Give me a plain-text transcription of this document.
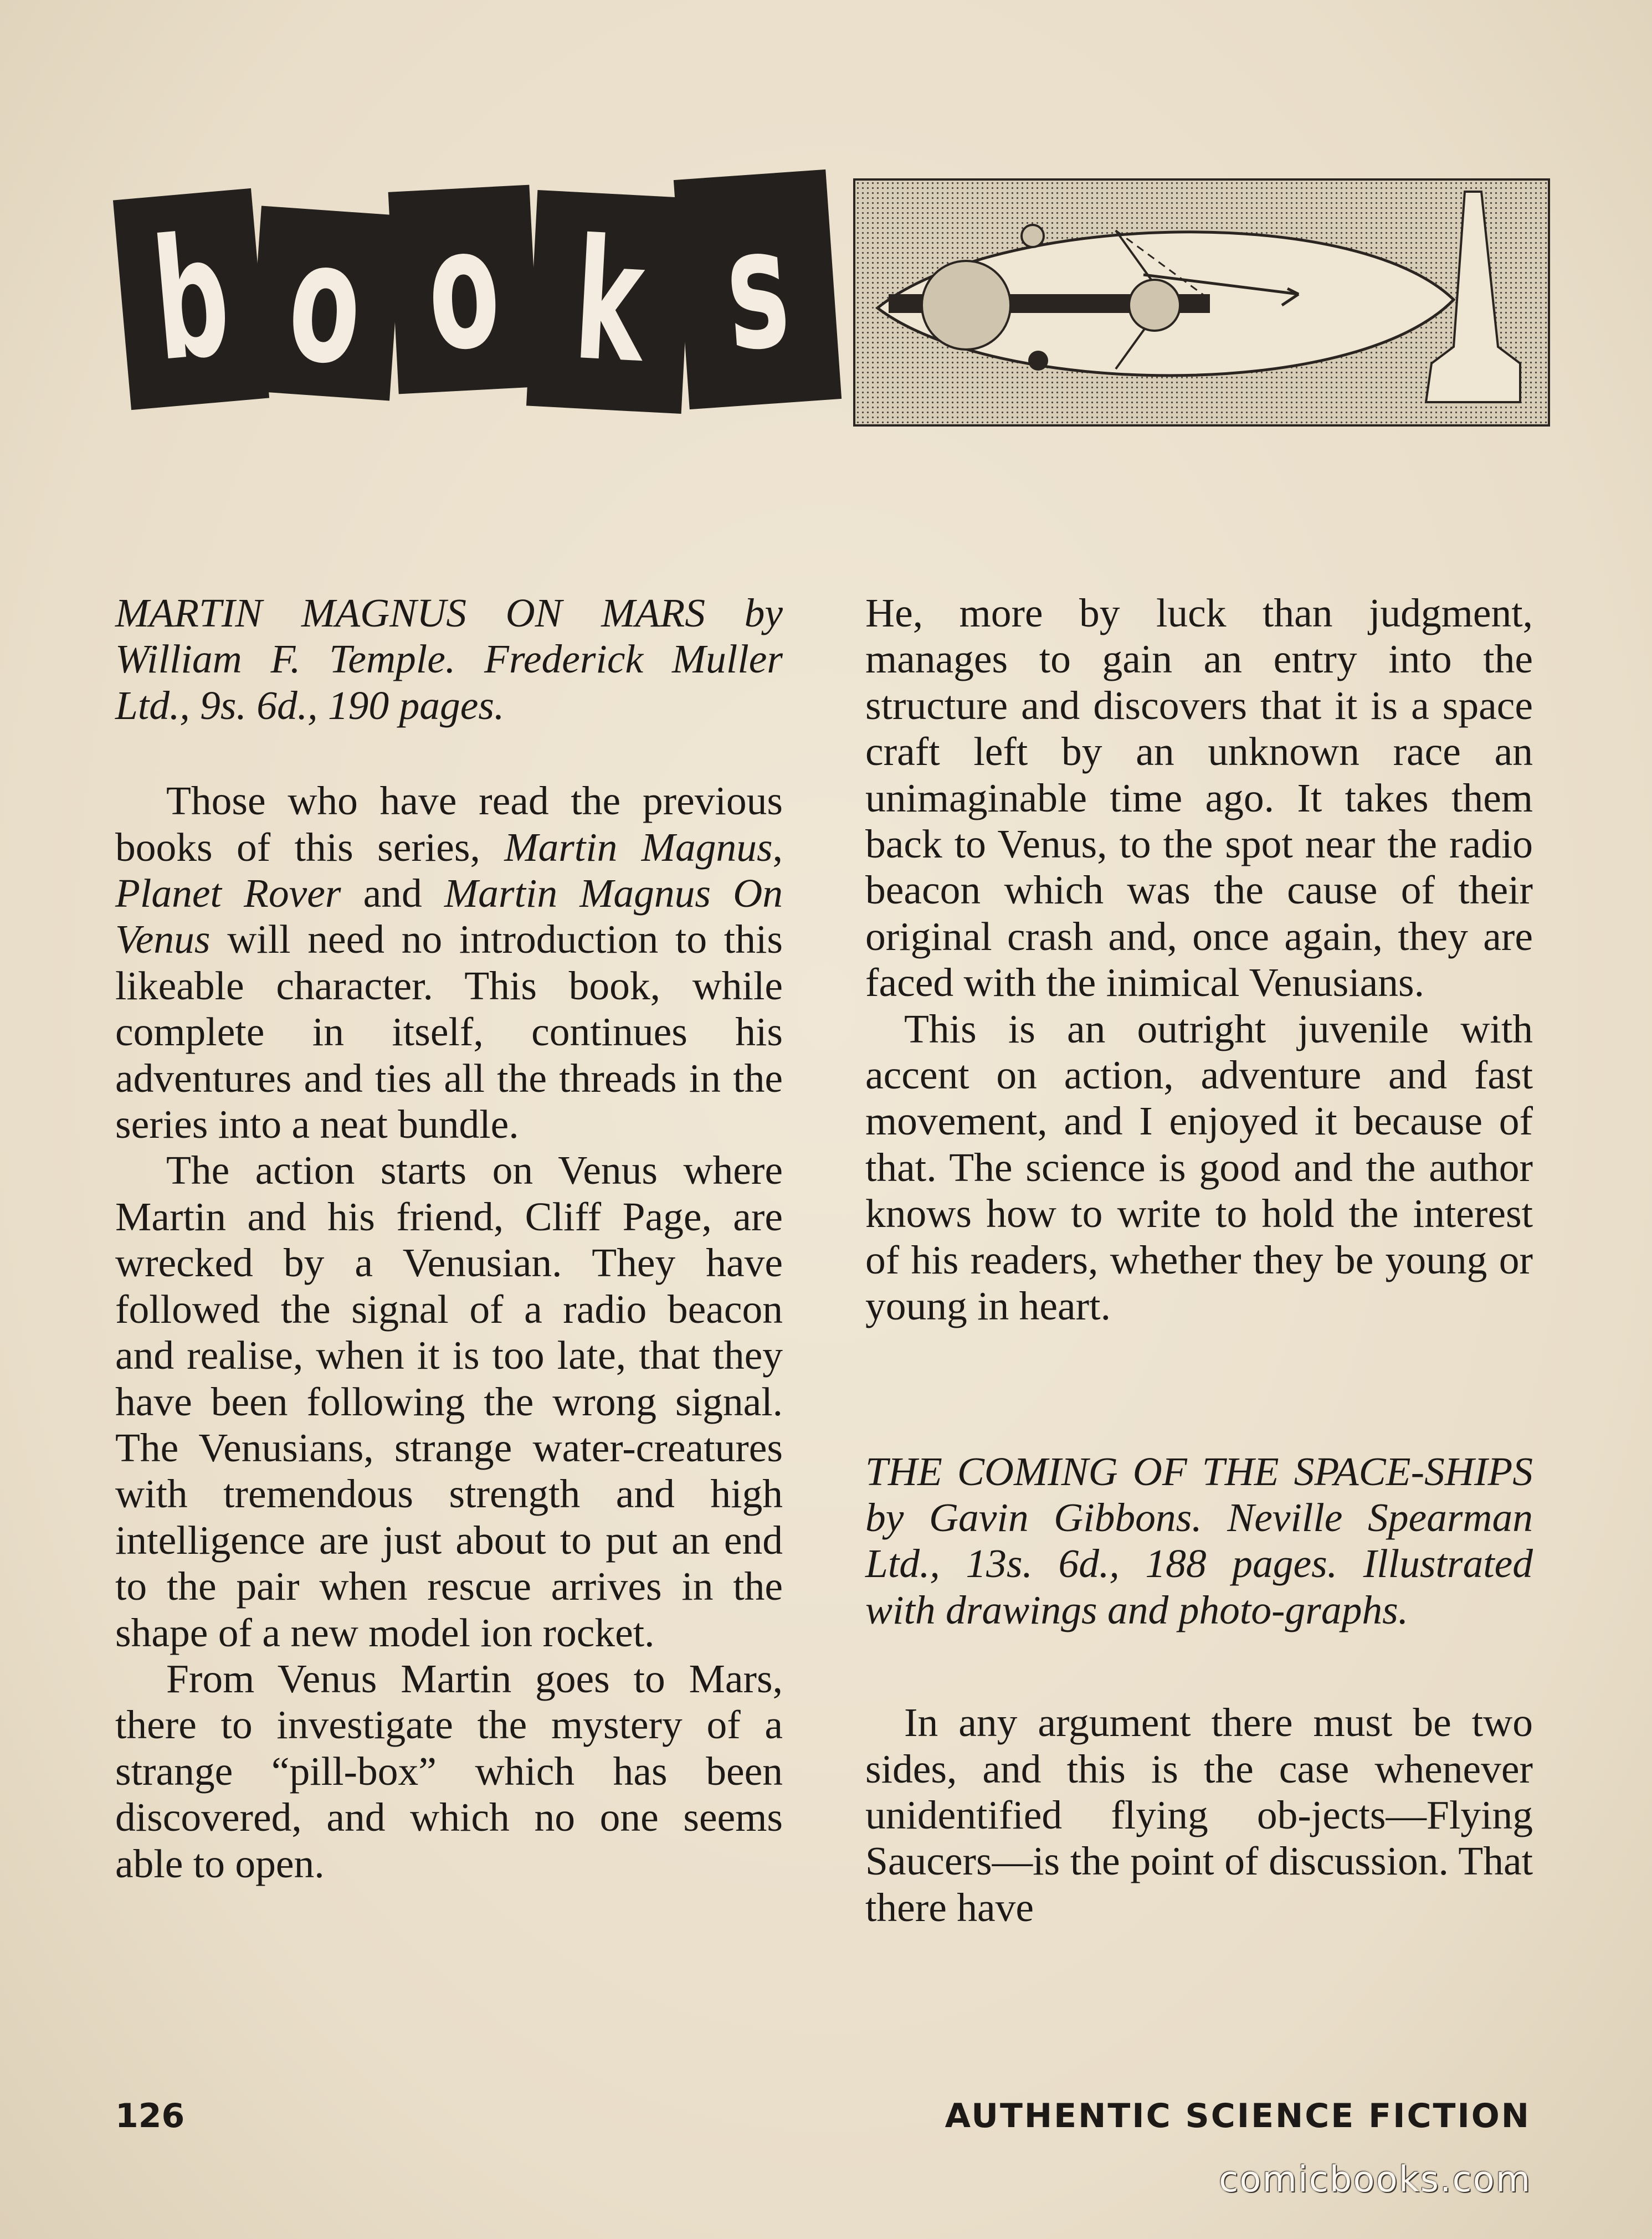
b o o k s

MARTIN MAGNUS ON MARS by William F. Temple. Frederick Muller Ltd., 9s. 6d., 190 pages.

Those who have read the previous books of this series, Martin Magnus, Planet Rover and Martin Magnus On Venus will need no introduction to this likeable character. This book, while complete in itself, continues his adventures and ties all the threads in the series into a neat bundle.

The action starts on Venus where Martin and his friend, Cliff Page, are wrecked by a Venusian. They have followed the signal of a radio beacon and realise, when it is too late, that they have been following the wrong signal. The Venusians, strange water-creatures with tremendous strength and high intelligence are just about to put an end to the pair when rescue arrives in the shape of a new model ion rocket.

From Venus Martin goes to Mars, there to investigate the mystery of a strange “pill-box” which has been discovered, and which no one seems able to open.

He, more by luck than judgment, manages to gain an entry into the structure and discovers that it is a space craft left by an unknown race an unimaginable time ago. It takes them back to Venus, to the spot near the radio beacon which was the cause of their original crash and, once again, they are faced with the inimical Venusians.

This is an outright juvenile with accent on action, adventure and fast movement, and I enjoyed it because of that. The science is good and the author knows how to write to hold the interest of his readers, whether they be young or young in heart.

THE COMING OF THE SPACE-SHIPS by Gavin Gibbons. Neville Spearman Ltd., 13s. 6d., 188 pages. Illustrated with drawings and photo-graphs.

In any argument there must be two sides, and this is the case whenever unidentified flying ob-jects—Flying Saucers—is the point of discussion. That there have

126	AUTHENTIC SCIENCE FICTION
comicbooks.com
